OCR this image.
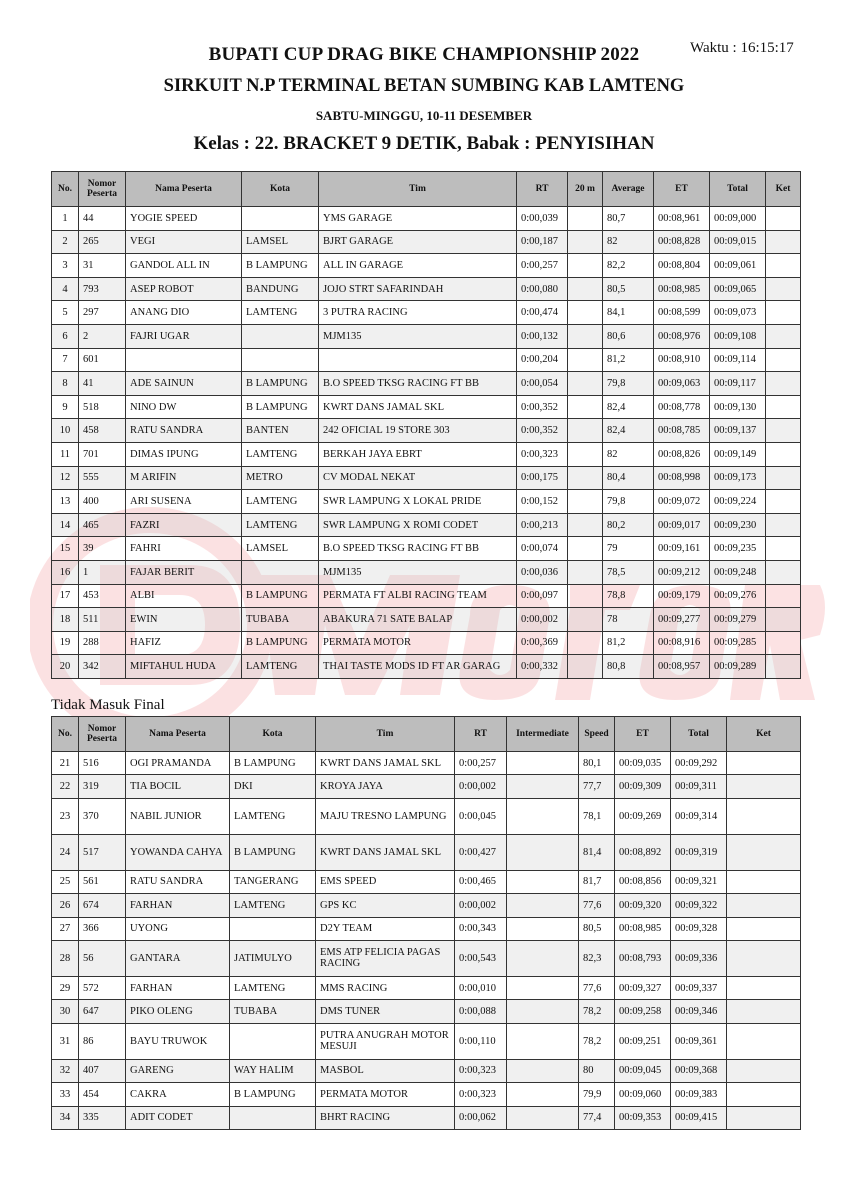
Waktu : 16:15:17
BUPATI CUP DRAG BIKE CHAMPIONSHIP 2022
SIRKUIT N.P TERMINAL BETAN SUMBING KAB LAMTENG
SABTU-MINGGU, 10-11 DESEMBER
Kelas : 22. BRACKET 9 DETIK, Babak : PENYISIHAN
No.	Nomor Peserta	Nama Peserta	Kota	Tim	RT	20 m	Average	ET	Total	Ket
1	44	YOGIE SPEED		YMS GARAGE	0:00,039		80,7	00:08,961	00:09,000	
2	265	VEGI	LAMSEL	BJRT GARAGE	0:00,187		82	00:08,828	00:09,015	
3	31	GANDOL ALL IN	B LAMPUNG	ALL IN GARAGE	0:00,257		82,2	00:08,804	00:09,061	
4	793	ASEP ROBOT	BANDUNG	JOJO STRT SAFARINDAH	0:00,080		80,5	00:08,985	00:09,065	
5	297	ANANG DIO	LAMTENG	3 PUTRA RACING	0:00,474		84,1	00:08,599	00:09,073	
6	2	FAJRI UGAR		MJM135	0:00,132		80,6	00:08,976	00:09,108	
7	601				0:00,204		81,2	00:08,910	00:09,114	
8	41	ADE SAINUN	B LAMPUNG	B.O SPEED TKSG RACING FT BB	0:00,054		79,8	00:09,063	00:09,117	
9	518	NINO DW	B LAMPUNG	KWRT DANS JAMAL SKL	0:00,352		82,4	00:08,778	00:09,130	
10	458	RATU SANDRA	BANTEN	242 OFICIAL 19 STORE 303	0:00,352		82,4	00:08,785	00:09,137	
11	701	DIMAS IPUNG	LAMTENG	BERKAH JAYA EBRT	0:00,323		82	00:08,826	00:09,149	
12	555	M ARIFIN	METRO	CV MODAL NEKAT	0:00,175		80,4	00:08,998	00:09,173	
13	400	ARI SUSENA	LAMTENG	SWR LAMPUNG X LOKAL PRIDE	0:00,152		79,8	00:09,072	00:09,224	
14	465	FAZRI	LAMTENG	SWR LAMPUNG X ROMI CODET	0:00,213		80,2	00:09,017	00:09,230	
15	39	FAHRI	LAMSEL	B.O SPEED TKSG RACING FT BB	0:00,074		79	00:09,161	00:09,235	
16	1	FAJAR BERIT		MJM135	0:00,036		78,5	00:09,212	00:09,248	
17	453	ALBI	B LAMPUNG	PERMATA FT ALBI RACING TEAM	0:00,097		78,8	00:09,179	00:09,276	
18	511	EWIN	TUBABA	ABAKURA 71 SATE BALAP	0:00,002		78	00:09,277	00:09,279	
19	288	HAFIZ	B LAMPUNG	PERMATA MOTOR	0:00,369		81,2	00:08,916	00:09,285	
20	342	MIFTAHUL HUDA	LAMTENG	THAI TASTE MODS ID FT AR GARAG	0:00,332		80,8	00:08,957	00:09,289	
Tidak Masuk Final
No.	Nomor Peserta	Nama Peserta	Kota	Tim	RT	Intermediate	Speed	ET	Total	Ket
21	516	OGI PRAMANDA	B LAMPUNG	KWRT DANS JAMAL SKL	0:00,257		80,1	00:09,035	00:09,292	
22	319	TIA BOCIL	DKI	KROYA JAYA	0:00,002		77,7	00:09,309	00:09,311	
23	370	NABIL JUNIOR	LAMTENG	MAJU TRESNO LAMPUNG	0:00,045		78,1	00:09,269	00:09,314	
24	517	YOWANDA CAHYA	B LAMPUNG	KWRT DANS JAMAL SKL	0:00,427		81,4	00:08,892	00:09,319	
25	561	RATU SANDRA	TANGERANG	EMS SPEED	0:00,465		81,7	00:08,856	00:09,321	
26	674	FARHAN	LAMTENG	GPS KC	0:00,002		77,6	00:09,320	00:09,322	
27	366	UYONG		D2Y TEAM	0:00,343		80,5	00:08,985	00:09,328	
28	56	GANTARA	JATIMULYO	EMS ATP FELICIA PAGAS RACING	0:00,543		82,3	00:08,793	00:09,336	
29	572	FARHAN	LAMTENG	MMS RACING	0:00,010		77,6	00:09,327	00:09,337	
30	647	PIKO OLENG	TUBABA	DMS TUNER	0:00,088		78,2	00:09,258	00:09,346	
31	86	BAYU TRUWOK		PUTRA ANUGRAH MOTOR MESUJI	0:00,110		78,2	00:09,251	00:09,361	
32	407	GARENG	WAY HALIM	MASBOL	0:00,323		80	00:09,045	00:09,368	
33	454	CAKRA	B LAMPUNG	PERMATA MOTOR	0:00,323		79,9	00:09,060	00:09,383	
34	335	ADIT CODET		BHRT RACING	0:00,062		77,4	00:09,353	00:09,415	
